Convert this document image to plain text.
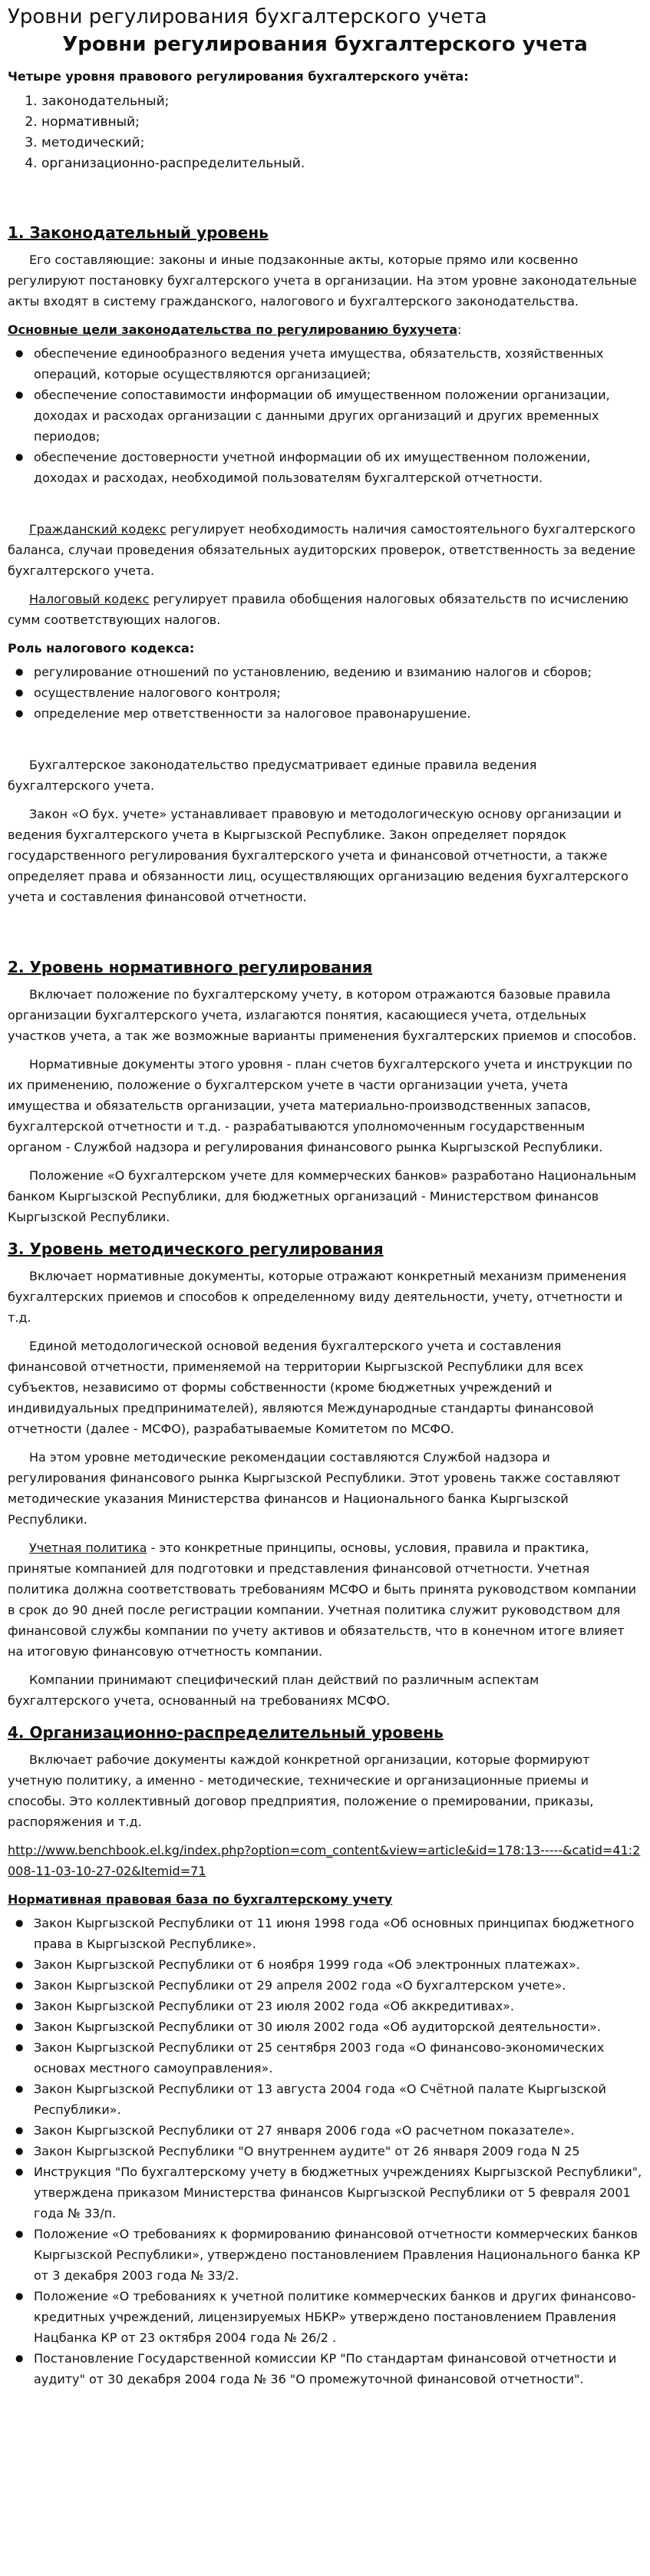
Уровни регулирования бухгалтерского учета
Уровни регулирования бухгалтерского учета

Четыре уровня правового регулирования бухгалтерского учёта:

1. законодательный;
2. нормативный;
3. методический;
4. организационно-распределительный.
1. Законодательный уровень

Его составляющие: законы и иные подзаконные акты, которые прямо или косвенно регулируют постановку бухгалтерского учета в организации. На этом уровне законодательные акты входят в систему гражданского, налогового и бухгалтерского законодательства.

Основные цели законодательства по регулированию бухучета:

● обеспечение единообразного ведения учета имущества, обязательств, хозяйственных операций, которые осуществляются организацией;
● обеспечение сопоставимости информации об имущественном положении организации, доходах и расходах организации с данными других организаций и других временных периодов;
● обеспечение достоверности учетной информации об их имущественном положении, доходах и расходах, необходимой пользователям бухгалтерской отчетности.

Гражданский кодекс регулирует необходимость наличия самостоятельного бухгалтерского баланса, случаи проведения обязательных аудиторских проверок, ответственность за ведение бухгалтерского учета.

Налоговый кодекс регулирует правила обобщения налоговых обязательств по исчислению сумм соответствующих налогов.

Роль налогового кодекса:

● регулирование отношений по установлению, ведению и взиманию налогов и сборов;
● осуществление налогового контроля;
● определение мер ответственности за налоговое правонарушение.

Бухгалтерское законодательство предусматривает единые правила ведения бухгалтерского учета.

Закон «О бух. учете» устанавливает правовую и методологическую основу организации и ведения бухгалтерского учета в Кыргызской Республике. Закон определяет порядок государственного регулирования бухгалтерского учета и финансовой отчетности, а также определяет права и обязанности лиц, осуществляющих организацию ведения бухгалтерского учета и составления финансовой отчетности.

2. Уровень нормативного регулирования

Включает положение по бухгалтерскому учету, в котором отражаются базовые правила организации бухгалтерского учета, излагаются понятия, касающиеся учета, отдельных участков учета, а так же возможные варианты применения бухгалтерских приемов и способов.

Нормативные документы этого уровня - план счетов бухгалтерского учета и инструкции по их применению, положение о бухгалтерском учете в части организации учета, учета имущества и обязательств организации, учета материально-производственных запасов, бухгалтерской отчетности и т.д. - разрабатываются уполномоченным государственным органом - Службой надзора и регулирования финансового рынка Кыргызской Республики.

Положение «О бухгалтерском учете для коммерческих банков» разработано Национальным банком Кыргызской Республики, для бюджетных организаций - Министерством финансов Кыргызской Республики.

3. Уровень методического регулирования

Включает нормативные документы, которые отражают конкретный механизм применения бухгалтерских приемов и способов к определенному виду деятельности, учету, отчетности и т.д.

Единой методологической основой ведения бухгалтерского учета и составления финансовой отчетности, применяемой на территории Кыргызской Республики для всех субъектов, независимо от формы собственности (кроме бюджетных учреждений и индивидуальных предпринимателей), являются Международные стандарты финансовой отчетности (далее - МСФО), разрабатываемые Комитетом по МСФО.

На этом уровне методические рекомендации составляются Службой надзора и регулирования финансового рынка Кыргызской Республики. Этот уровень также составляют методические указания Министерства финансов и Национального банка Кыргызской Республики.

Учетная политика - это конкретные принципы, основы, условия, правила и практика, принятые компанией для подготовки и представления финансовой отчетности. Учетная политика должна соответствовать требованиям МСФО и быть принята руководством компании в срок до 90 дней после регистрации компании. Учетная политика служит руководством для финансовой службы компании по учету активов и обязательств, что в конечном итоге влияет на итоговую финансовую отчетность компании.

Компании принимают специфический план действий по различным аспектам бухгалтерского учета, основанный на требованиях МСФО.

4. Организационно-распределительный уровень

Включает рабочие документы каждой конкретной организации, которые формируют учетную политику, а именно - методические, технические и организационные приемы и способы. Это коллективный договор предприятия, положение о премировании, приказы, распоряжения и т.д.

http://www.benchbook.el.kg/index.php?option=com_content&view=article&id=178:13-----&catid=41:2008-11-03-10-27-02&Itemid=71

Нормативная правовая база по бухгалтерскому учету

● Закон Кыргызской Республики от 11 июня 1998 года «Об основных принципах бюджетного права в Кыргызской Республике».
● Закон Кыргызской Республики от 6 ноября 1999 года «Об электронных платежах».
● Закон Кыргызской Республики от 29 апреля 2002 года «О бухгалтерском учете».
● Закон Кыргызской Республики от 23 июля 2002 года «Об аккредитивах».
● Закон Кыргызской Республики от 30 июля 2002 года «Об аудиторской деятельности».
● Закон Кыргызской Республики от 25 сентября 2003 года «О финансово-экономических основах местного самоуправления».
● Закон Кыргызской Республики от 13 августа 2004 года «О Счётной палате Кыргызской Республики».
● Закон Кыргызской Республики от 27 января 2006 года «О расчетном показателе».
● Закон Кыргызской Республики "О внутреннем аудите" от 26 января 2009 года N 25
● Инструкция "По бухгалтерскому учету в бюджетных учреждениях Кыргызской Республики", утверждена приказом Министерства финансов Кыргызской Республики от 5 февраля 2001 года № 33/п.
● Положение «О требованиях к формированию финансовой отчетности коммерческих банков Кыргызской Республики», утверждено постановлением Правления Национального банка КР от 3 декабря 2003 года № 33/2.
● Положение «О требованиях к учетной политике коммерческих банков и других финансово-кредитных учреждений, лицензируемых НБКР» утверждено постановлением Правления Нацбанка КР от 23 октября 2004 года № 26/2 .
● Постановление Государственной комиссии КР "По стандартам финансовой отчетности и аудиту" от 30 декабря 2004 года № 36 "О промежуточной финансовой отчетности".
